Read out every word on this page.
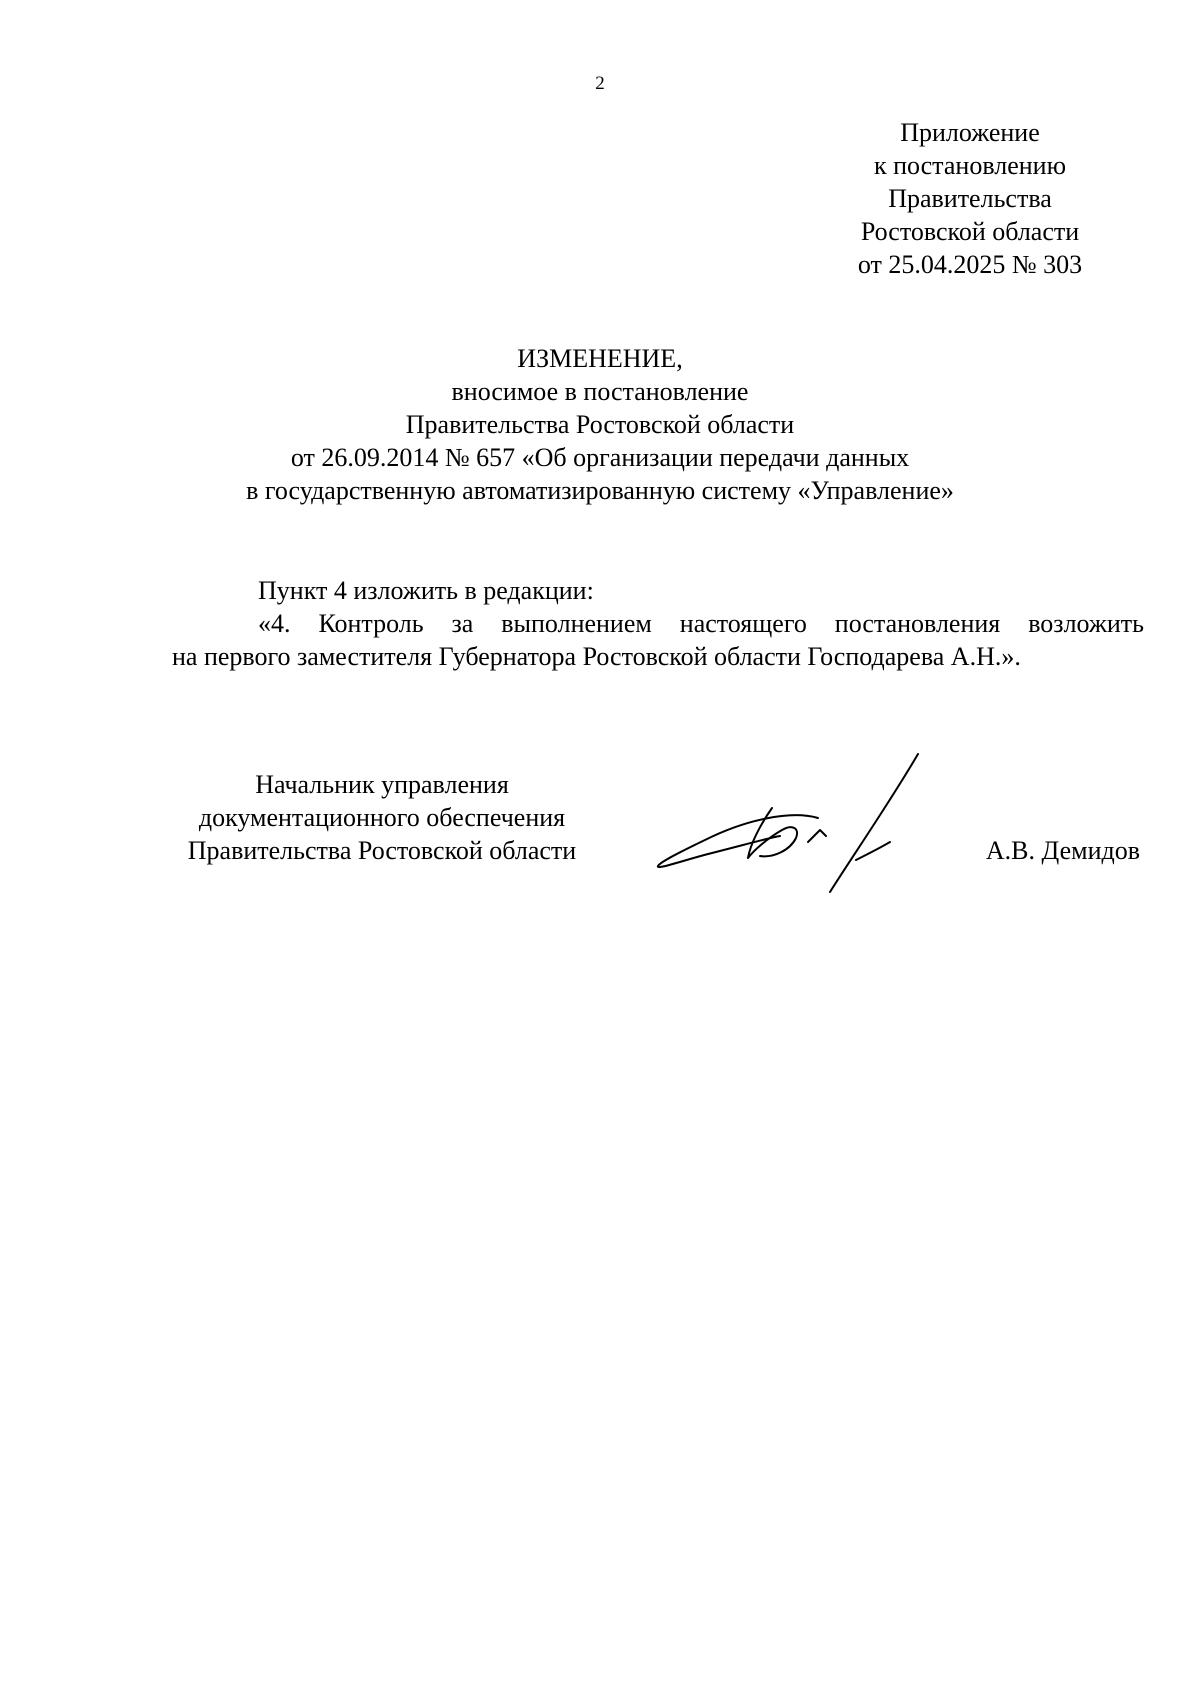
2
Приложение
к постановлению
Правительства
Ростовской области
от 25.04.2025 № 303
ИЗМЕНЕНИЕ,
вносимое в постановление
Правительства Ростовской области
от 26.09.2014 № 657 «Об организации передачи данных
в государственную автоматизированную систему «Управление»
Пункт 4 изложить в редакции:
«4. Контроль за выполнением настоящего постановления возложить
на первого заместителя Губернатора Ростовской области Господарева А.Н.».
Начальник управления
документационного обеспечения
Правительства Ростовской области	А.В. Демидов
